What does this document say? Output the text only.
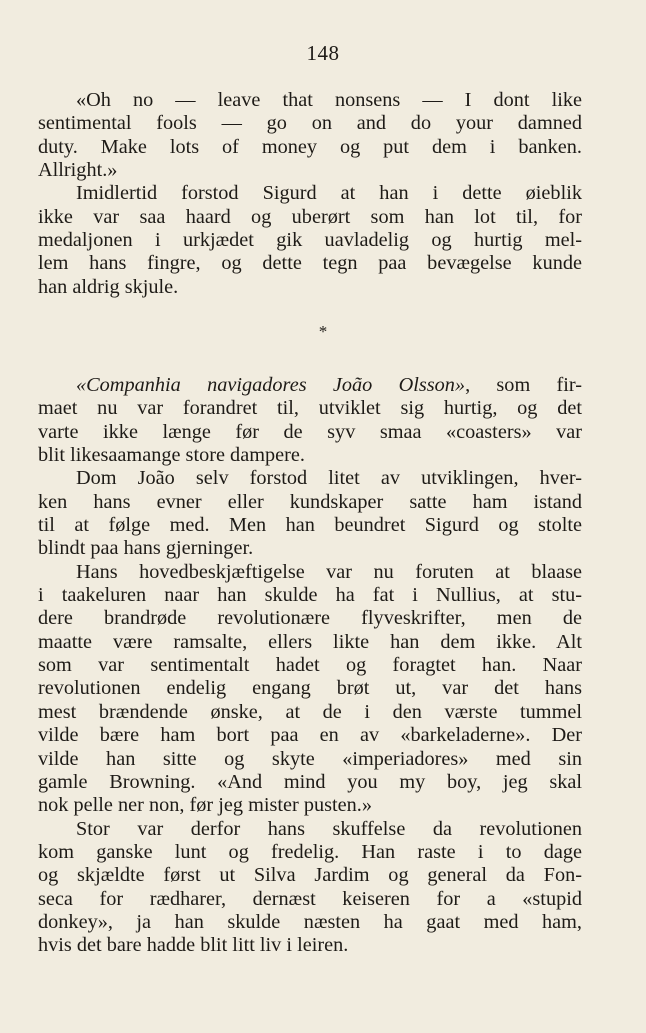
148
«Oh no — leave that nonsens — I dont like
sentimental fools — go on and do your damned
duty. Make lots of money og put dem i banken.
Allright.»
Imidlertid forstod Sigurd at han i dette øieblik
ikke var saa haard og uberørt som han lot til, for
medaljonen i urkjædet gik uavladelig og hurtig mel-
lem hans fingre, og dette tegn paa bevægelse kunde
han aldrig skjule.
*
«Companhia navigadores João Olsson», som fir-
maet nu var forandret til, utviklet sig hurtig, og det
varte ikke længe før de syv smaa «coasters» var
blit likesaamange store dampere.
Dom João selv forstod litet av utviklingen, hver-
ken hans evner eller kundskaper satte ham istand
til at følge med. Men han beundret Sigurd og stolte
blindt paa hans gjerninger.
Hans hovedbeskjæftigelse var nu foruten at blaase
i taakeluren naar han skulde ha fat i Nullius, at stu-
dere brandrøde revolutionære flyveskrifter, men de
maatte være ramsalte, ellers likte han dem ikke. Alt
som var sentimentalt hadet og foragtet han. Naar
revolutionen endelig engang brøt ut, var det hans
mest brændende ønske, at de i den værste tummel
vilde bære ham bort paa en av «barkeladerne». Der
vilde han sitte og skyte «imperiadores» med sin
gamle Browning. «And mind you my boy, jeg skal
nok pelle ner non, før jeg mister pusten.»
Stor var derfor hans skuffelse da revolutionen
kom ganske lunt og fredelig. Han raste i to dage
og skjældte først ut Silva Jardim og general da Fon-
seca for rædharer, dernæst keiseren for a «stupid
donkey», ja han skulde næsten ha gaat med ham,
hvis det bare hadde blit litt liv i leiren.
